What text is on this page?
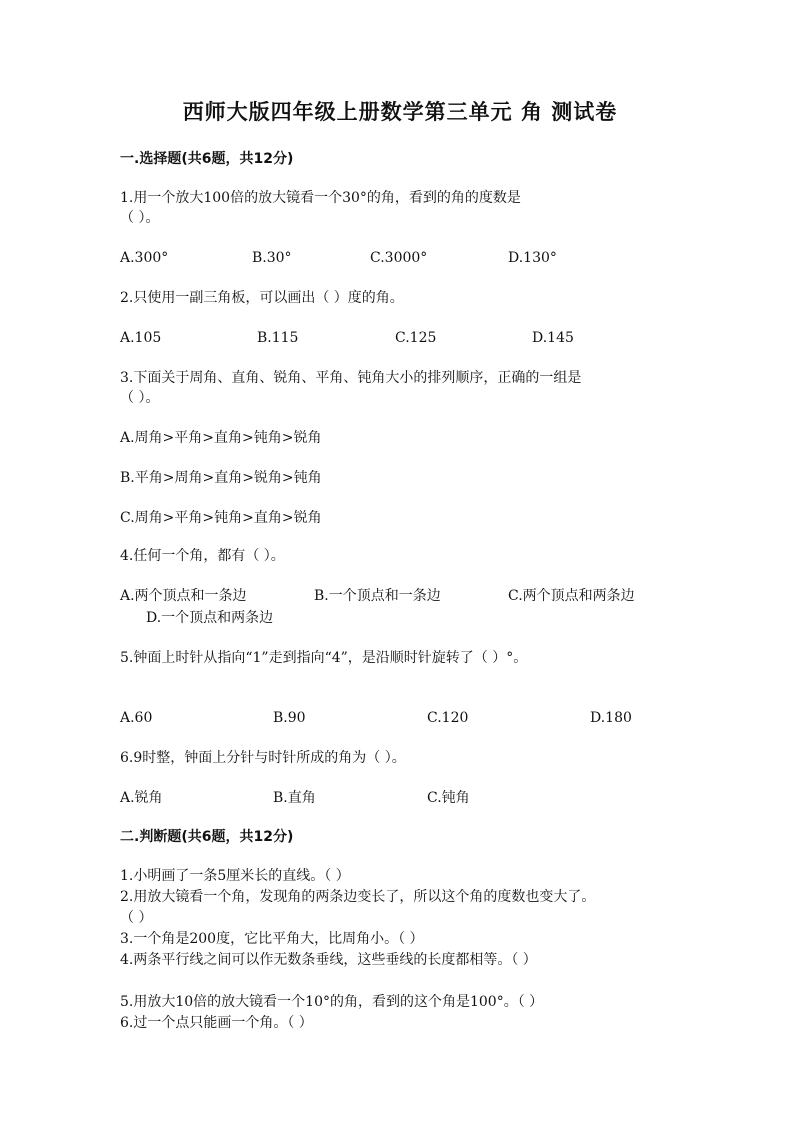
西师大版四年级上册数学第三单元 角 测试卷
一.选择题(共6题，共12分)
1.用一个放大100倍的放大镜看一个30°的角，看到的角的度数是
（ ）。
A.300°	B.30°	C.3000°	D.130°
2.只使用一副三角板，可以画出（ ）度的角。
A.105	B.115	C.125	D.145
3.下面关于周角、直角、锐角、平角、钝角大小的排列顺序，正确的一组是
（ ）。
A.周角>平角>直角>钝角>锐角
B.平角>周角>直角>锐角>钝角
C.周角>平角>钝角>直角>锐角
4.任何一个角，都有（ ）。
A.两个顶点和一条边	B.一个顶点和一条边	C.两个顶点和两条边
D.一个顶点和两条边
5.钟面上时针从指向“1”走到指向“4”，是沿顺时针旋转了（ ）°。
A.60	B.90	C.120	D.180
6.9时整，钟面上分针与时针所成的角为（ ）。
A.锐角	B.直角	C.钝角
二.判断题(共6题，共12分)
1.小明画了一条5厘米长的直线。（ ）
2.用放大镜看一个角，发现角的两条边变长了，所以这个角的度数也变大了。
（ ）
3.一个角是200度，它比平角大，比周角小。（ ）
4.两条平行线之间可以作无数条垂线，这些垂线的长度都相等。（ ）
5.用放大10倍的放大镜看一个10°的角，看到的这个角是100°。（ ）
6.过一个点只能画一个角。（ ）
